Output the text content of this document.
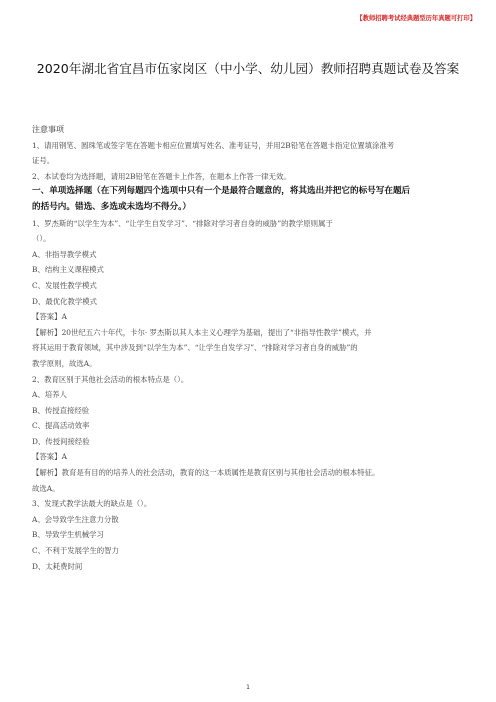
【教师招聘考试经典题型历年真题可打印】
2020年湖北省宜昌市伍家岗区（中小学、幼儿园）教师招聘真题试卷及答案
注意事项
1、请用钢笔、圆珠笔或签字笔在答题卡相应位置填写姓名、准考证号，并用2B铅笔在答题卡指定位置填涂准考
证号。
2、本试卷均为选择题，请用2B铅笔在答题卡上作答，在题本上作答一律无效。
一、单项选择题（在下列每题四个选项中只有一个是最符合题意的，将其选出并把它的标号写在题后
的括号内。错选、多选或未选均不得分。）
1、罗杰斯的“以学生为本”、“让学生自发学习”、“排除对学习者自身的威胁”的教学原则属于
（）。
A、非指导教学模式
B、结构主义课程模式
C、发展性教学模式
D、最优化教学模式
【答案】A
【解析】20世纪五六十年代，卡尔· 罗杰斯以其人本主义心理学为基础，提出了“非指导性教学”模式，并
将其运用于教育领域，其中涉及到“以学生为本”、“让学生自发学习”、“排除对学习者自身的威胁”的
教学原则，故选A。
2、教育区别于其他社会活动的根本特点是（）。
A、培养人
B、传授直接经验
C、提高活动效率
D、传授间接经验
【答案】A
【解析】教育是有目的的培养人的社会活动，教育的这一本质属性是教育区别与其他社会活动的根本特征。
故选A。
3、发现式教学法最大的缺点是（）。
A、会导致学生注意力分散
B、导致学生机械学习
C、不利于发展学生的智力
D、太耗费时间
1
